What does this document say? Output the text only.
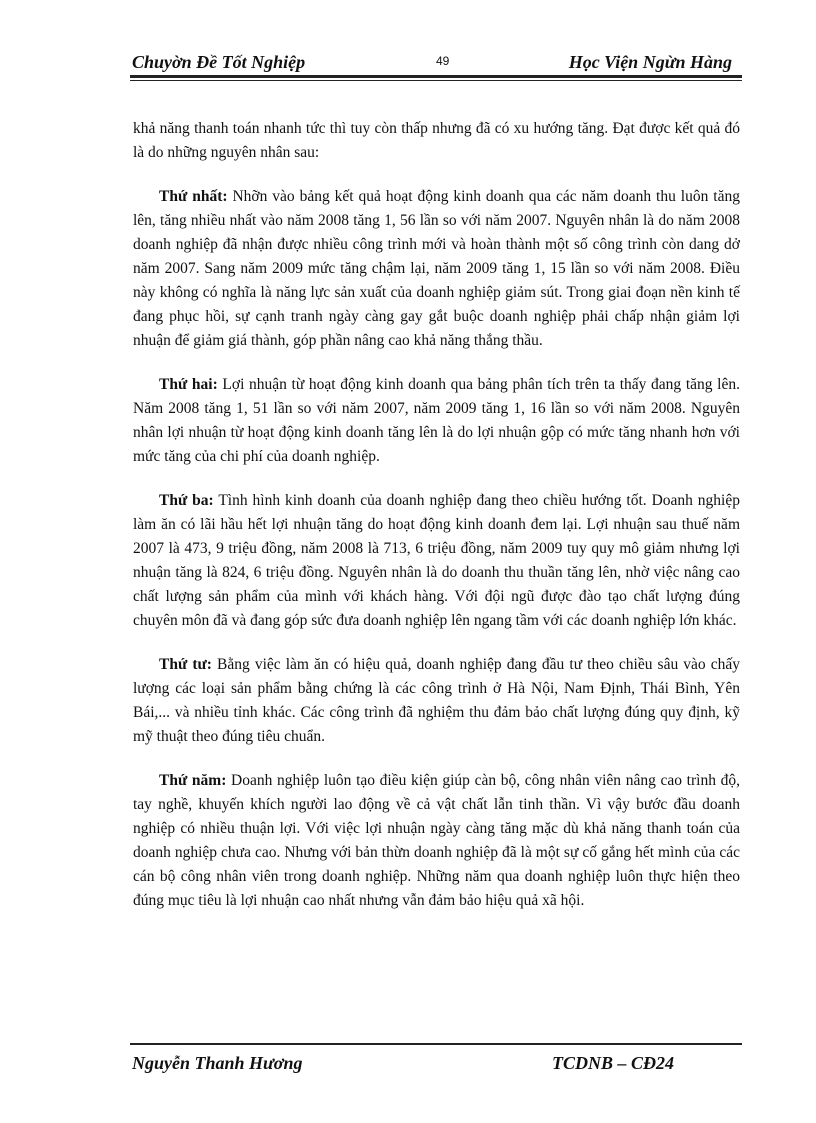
Chuyờn Đề Tốt Nghiệp	49	Học Viện Ngừn Hàng

khả năng thanh toán nhanh tức thì tuy còn thấp nhưng đã có xu hướng tăng. Đạt được kết quả đó là do những nguyên nhân sau:

Thứ nhất: Nhỡn vào bảng kết quả hoạt động kinh doanh qua các năm doanh thu luôn tăng lên, tăng nhiều nhất vào năm 2008 tăng 1, 56 lần so với năm 2007. Nguyên nhân là do năm 2008 doanh nghiệp đã nhận được nhiều công trình mới và hoàn thành một số công trình còn dang dở năm 2007. Sang năm 2009 mức tăng chậm lại, năm 2009 tăng 1, 15 lần so với năm 2008. Điều này không có nghĩa là năng lực sản xuất của doanh nghiệp giảm sút. Trong giai đoạn nền kinh tế đang phục hồi, sự cạnh tranh ngày càng gay gắt buộc doanh nghiệp phải chấp nhận giảm lợi nhuận để giảm giá thành, góp phần nâng cao khả năng thắng thầu.

Thứ hai: Lợi nhuận từ hoạt động kinh doanh qua bảng phân tích trên ta thấy đang tăng lên. Năm 2008 tăng 1, 51 lần so với năm 2007, năm 2009 tăng 1, 16 lần so với năm 2008. Nguyên nhân lợi nhuận từ hoạt động kinh doanh tăng lên là do lợi nhuận gộp có mức tăng nhanh hơn với mức tăng của chi phí của doanh nghiệp.

Thứ ba: Tình hình kinh doanh của doanh nghiệp đang theo chiều hướng tốt. Doanh nghiệp làm ăn có lãi hầu hết lợi nhuận tăng do hoạt động kinh doanh đem lại. Lợi nhuận sau thuế năm 2007 là 473, 9 triệu đồng, năm 2008 là 713, 6 triệu đồng, năm 2009 tuy quy mô giảm nhưng lợi nhuận tăng là 824, 6 triệu đồng. Nguyên nhân là do doanh thu thuần tăng lên, nhờ việc nâng cao chất lượng sản phẩm của mình với khách hàng. Với đội ngũ được đào tạo chất lượng đúng chuyên môn đã và đang góp sức đưa doanh nghiệp lên ngang tầm với các doanh nghiệp lớn khác.

Thứ tư: Bằng việc làm ăn có hiệu quả, doanh nghiệp đang đầu tư theo chiều sâu vào chấy lượng các loại sản phẩm bằng chứng là các công trình ở Hà Nội, Nam Định, Thái Bình, Yên Bái,... và nhiều tỉnh khác. Các công trình đã nghiệm thu đảm bảo chất lượng đúng quy định, kỹ mỹ thuật theo đúng tiêu chuẩn.

Thứ năm: Doanh nghiệp luôn tạo điều kiện giúp càn bộ, công nhân viên nâng cao trình độ, tay nghề, khuyến khích người lao động về cả vật chất lẫn tinh thần. Vì vậy bước đầu doanh nghiệp có nhiều thuận lợi. Với việc lợi nhuận ngày càng tăng mặc dù khả năng thanh toán của doanh nghiệp chưa cao. Nhưng với bản thừn doanh nghiệp đã là một sự cố gắng hết mình của các cán bộ công nhân viên trong doanh nghiệp. Những năm qua doanh nghiệp luôn thực hiện theo đúng mục tiêu là lợi nhuận cao nhất nhưng vẫn đảm bảo hiệu quả xã hội.

Nguyễn Thanh Hương	TCDNB – CĐ24
